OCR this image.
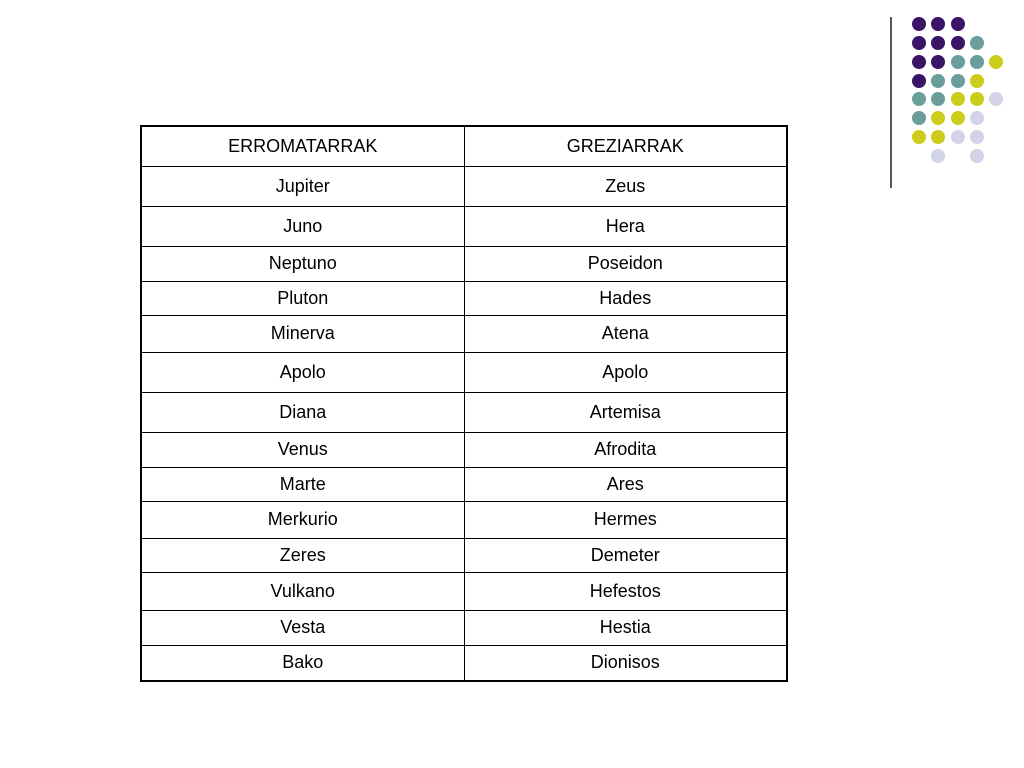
ERROMATARRAK	GREZIARRAK
Jupiter	Zeus
Juno	Hera
Neptuno	Poseidon
Pluton	Hades
Minerva	Atena
Apolo	Apolo
Diana	Artemisa
Venus	Afrodita
Marte	Ares
Merkurio	Hermes
Zeres	Demeter
Vulkano	Hefestos
Vesta	Hestia
Bako	Dionisos
